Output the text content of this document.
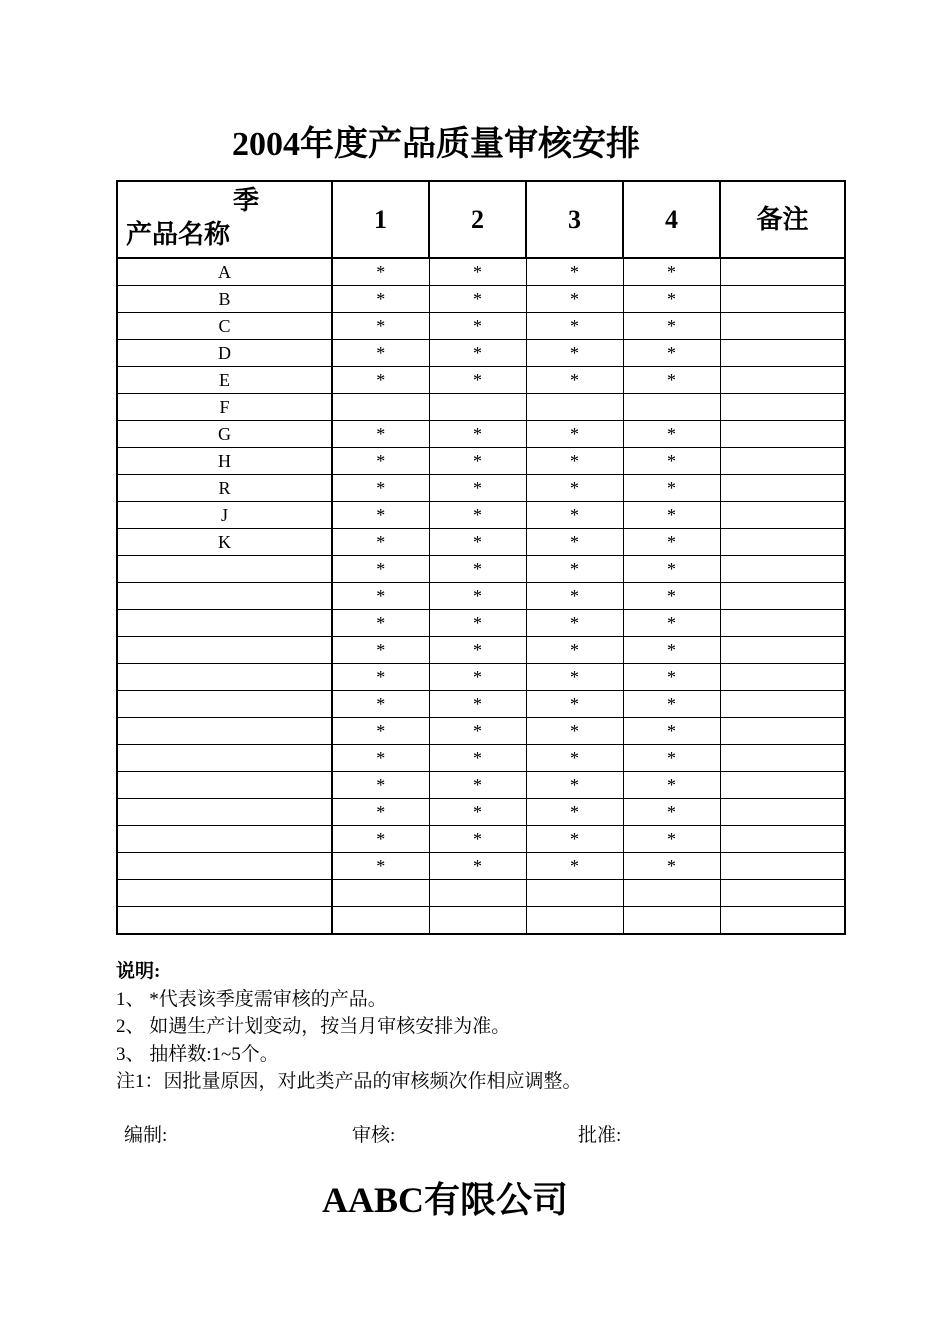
2004年度产品质量审核安排
季
产品名称	1	2	3	4	备注
A	*	*	*	*	
B	*	*	*	*	
C	*	*	*	*	
D	*	*	*	*	
E	*	*	*	*	
F					
G	*	*	*	*	
H	*	*	*	*	
R	*	*	*	*	
J	*	*	*	*	
K	*	*	*	*	
	*	*	*	*	
	*	*	*	*	
	*	*	*	*	
	*	*	*	*	
	*	*	*	*	
	*	*	*	*	
	*	*	*	*	
	*	*	*	*	
	*	*	*	*	
	*	*	*	*	
	*	*	*	*	
	*	*	*	*	

说明:
1、 *代表该季度需审核的产品。
2、 如遇生产计划变动，按当月审核安排为准。
3、 抽样数:1~5个。
注1：因批量原因，对此类产品的审核频次作相应调整。
编制:	审核:	批准:
AABC有限公司
